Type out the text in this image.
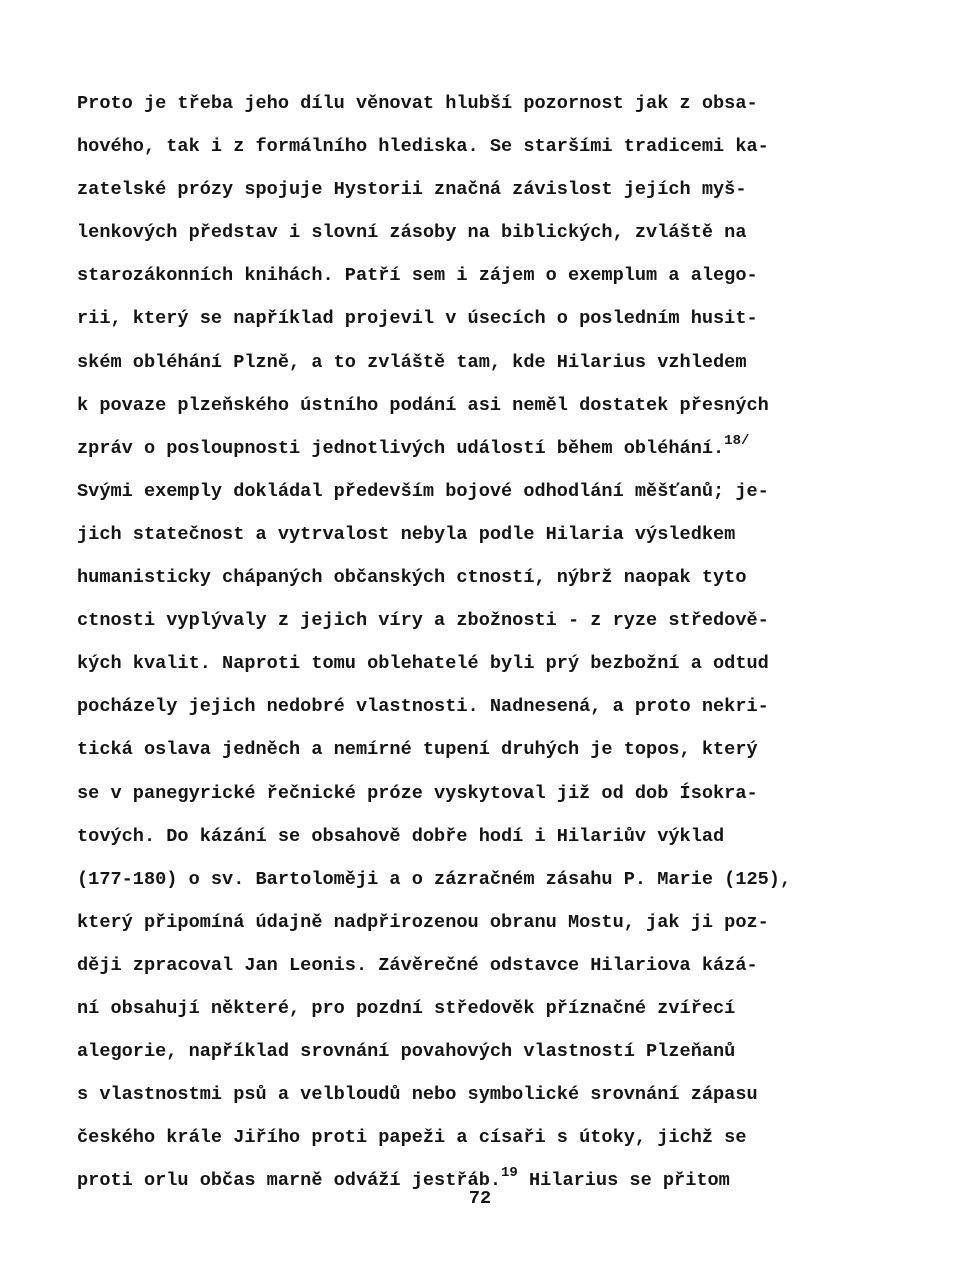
Proto je třeba jeho dílu věnovat hlubší pozornost jak z obsa-
hového, tak i z formálního hlediska. Se staršími tradicemi ka-
zatelské prózy spojuje Hystorii značná závislost jejích myš-
lenkových představ i slovní zásoby na biblických, zvláště na
starozákonních knihách. Patří sem i zájem o exemplum a alego-
rii, který se například projevil v úsecích o posledním husit-
ském obléhání Plzně, a to zvláště tam, kde Hilarius vzhledem
k povaze plzeňského ústního podání asi neměl dostatek přesných
zpráv o posloupnosti jednotlivých událostí během obléhání.$^{18/}$
Svými exemply dokládal především bojové odhodlání měšťanů; je-
jich statečnost a vytrvalost nebyla podle Hilaria výsledkem
humanisticky chápaných občanských ctností, nýbrž naopak tyto
ctnosti vyplývaly z jejich víry a zbožnosti - z ryze středově-
kých kvalit. Naproti tomu oblehatelé byli prý bezbožní a odtud
pocházely jejich nedobré vlastnosti. Nadnesená, a proto nekri-
tická oslava jedněch a nemírné tupení druhých je topos, který
se v panegyrické řečnické próze vyskytoval již od dob Ísokra-
tových. Do kázání se obsahově dobře hodí i Hilariův výklad
(177-180) o sv. Bartoloměji a o zázračném zásahu P. Marie (125),
který připomíná údajně nadpřirozenou obranu Mostu, jak ji poz-
ději zpracoval Jan Leonis. Závěrečné odstavce Hilariova kázá-
ní obsahují některé, pro pozdní středověk příznačné zvířecí
alegorie, například srovnání povahových vlastností Plzeňanů
s vlastnostmi psů a velbloudů nebo symbolické srovnání zápasu
českého krále Jiřího proti papeži a císaři s útoky, jichž se
proti orlu občas marně odváží jestřáb.$^{19}$ Hilarius se přitom
72
